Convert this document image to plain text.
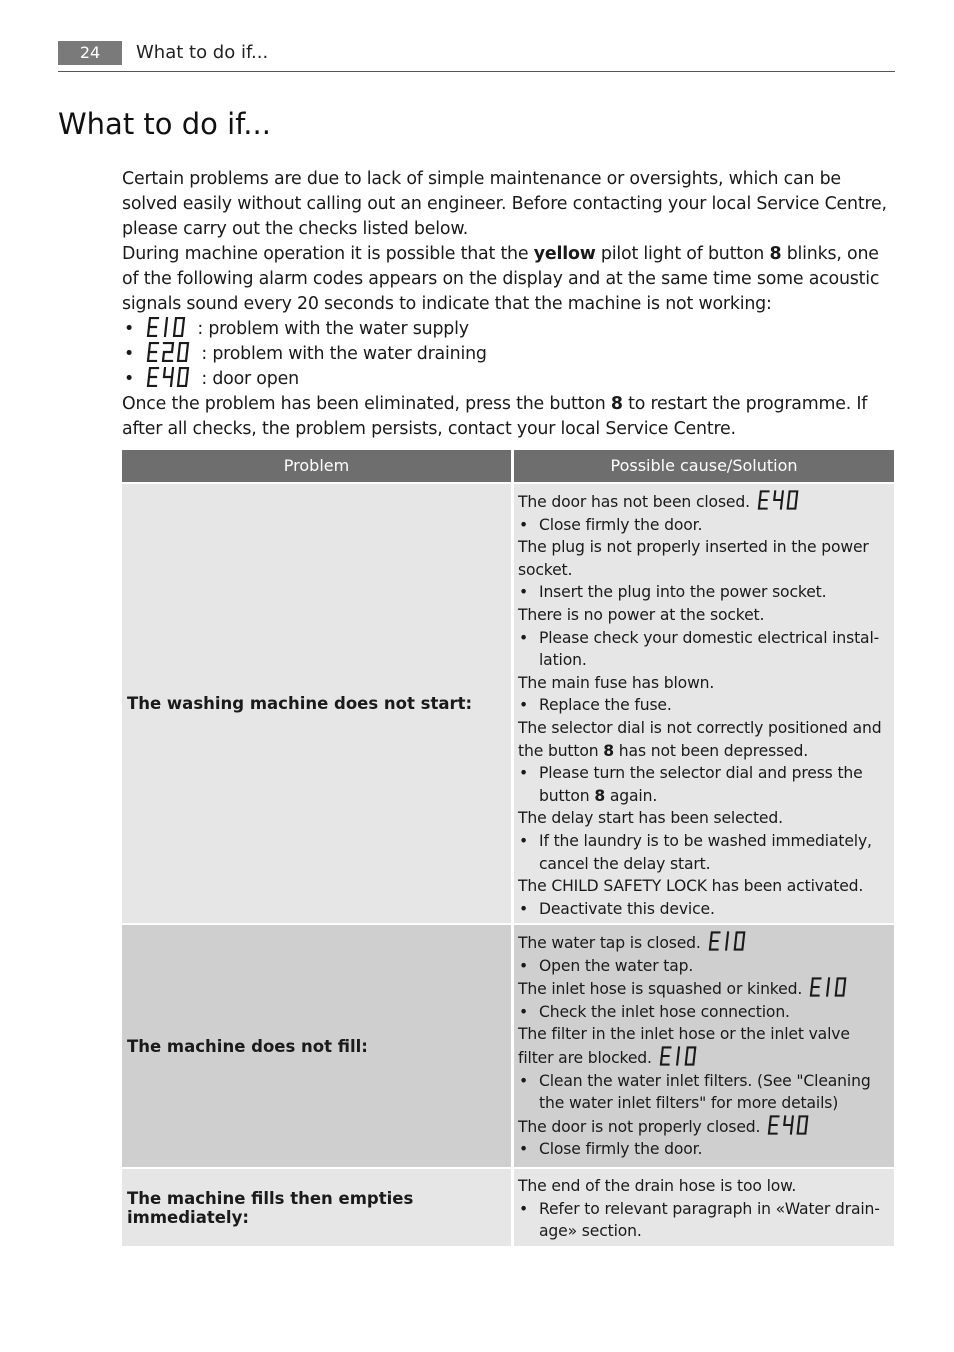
24	What to do if...
What to do if...

Certain problems are due to lack of simple maintenance or oversights, which can be solved easily without calling out an engineer. Before contacting your local Service Centre, please carry out the checks listed below.

During machine operation it is possible that the yellow pilot light of button 8 blinks, one of the following alarm codes appears on the display and at the same time some acoustic signals sound every 20 seconds to indicate that the machine is not working:

• : problem with the water supply
• : problem with the water draining
• : door open

Once the problem has been eliminated, press the button 8 to restart the programme. If after all checks, the problem persists, contact your local Service Centre.

Problem	Possible cause/Solution
The washing machine does not start:

The door has not been closed.

• Close firmly the door.

The plug is not properly inserted in the power socket.

• Insert the plug into the power socket.

There is no power at the socket.

• Please check your domestic electrical instal-lation.

The main fuse has blown.

• Replace the fuse.

The selector dial is not correctly positioned and the button 8 has not been depressed.

• Please turn the selector dial and press the button 8 again.

The delay start has been selected.

• If the laundry is to be washed immediately, cancel the delay start.

The CHILD SAFETY LOCK has been activated.

• Deactivate this device.

The machine does not fill:

The water tap is closed.

• Open the water tap.

The inlet hose is squashed or kinked.

• Check the inlet hose connection.

The filter in the inlet hose or the inlet valve filter are blocked.

• Clean the water inlet filters. (See "Cleaning the water inlet filters" for more details)

The door is not properly closed.

• Close firmly the door.

The machine fills then empties immediately:

The end of the drain hose is too low.

• Refer to relevant paragraph in «Water drain-age» section.
